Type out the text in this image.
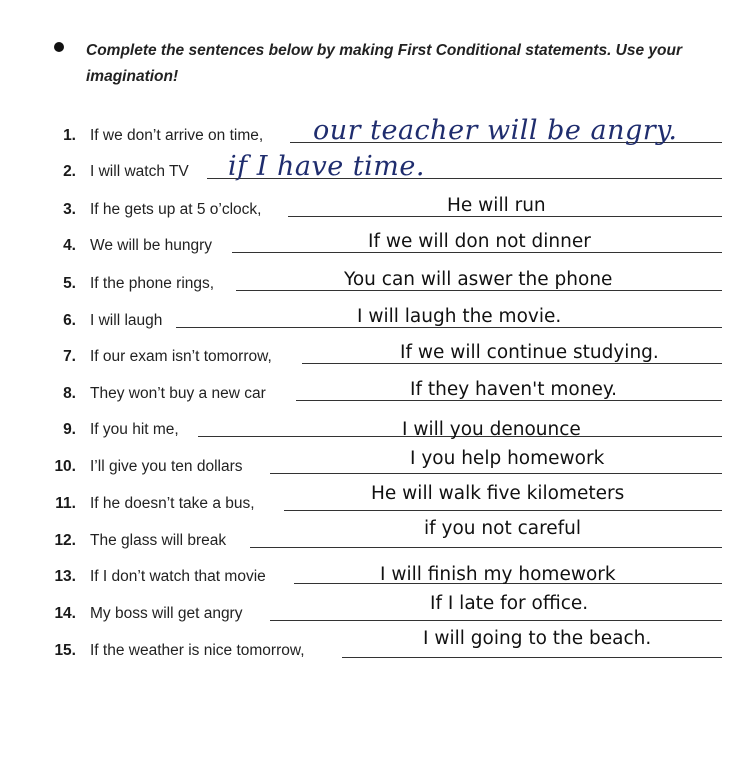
Complete the sentences below by making First Conditional statements. Use your imagination!
1. If we don’t arrive on time, our teacher will be angry.
2. I will watch TV if I have time.
3. If he gets up at 5 o’clock,	He will run
4. We will be hungry	If we will don not dinner
5. If the phone rings,	You can will aswer the phone
6. I will laugh	I will laugh the movie.
7. If our exam isn’t tomorrow,	If we will continue studying.
8. They won’t buy a new car	If they haven't money.
9. If you hit me,	I will you denounce
10. I’ll give you ten dollars	I you help homework
11. If he doesn’t take a bus,	He will walk five kilometers
12. The glass will break
if you not careful
13. If I don’t watch that movie	I will finish my homework
14. My boss will get angry	If I late for office.
15. If the weather is nice tomorrow,
I will going to the beach.
